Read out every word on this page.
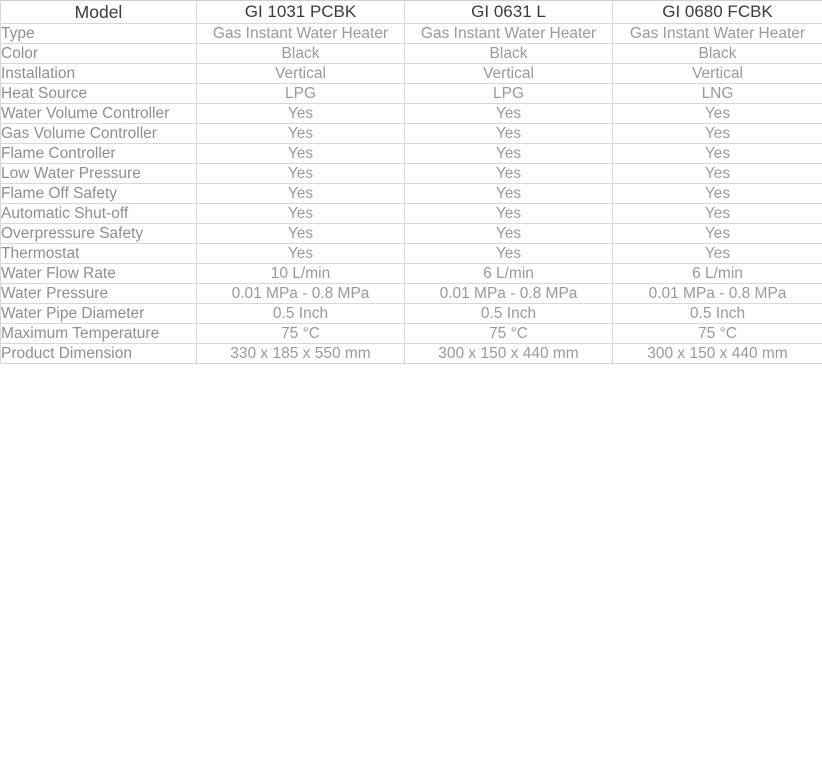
Model	GI 1031 PCBK	GI 0631 L	GI 0680 FCBK
Type	Gas Instant Water Heater	Gas Instant Water Heater	Gas Instant Water Heater
Color	Black	Black	Black
Installation	Vertical	Vertical	Vertical
Heat Source	LPG	LPG	LNG
Water Volume Controller	Yes	Yes	Yes
Gas Volume Controller	Yes	Yes	Yes
Flame Controller	Yes	Yes	Yes
Low Water Pressure	Yes	Yes	Yes
Flame Off Safety	Yes	Yes	Yes
Automatic Shut-off	Yes	Yes	Yes
Overpressure Safety	Yes	Yes	Yes
Thermostat	Yes	Yes	Yes
Water Flow Rate	10 L/min	6 L/min	6 L/min
Water Pressure	0.01 MPa - 0.8 MPa	0.01 MPa - 0.8 MPa	0.01 MPa - 0.8 MPa
Water Pipe Diameter	0.5 Inch	0.5 Inch	0.5 Inch
Maximum Temperature	75 °C	75 °C	75 °C
Product Dimension	330 x 185 x 550 mm	300 x 150 x 440 mm	300 x 150 x 440 mm
